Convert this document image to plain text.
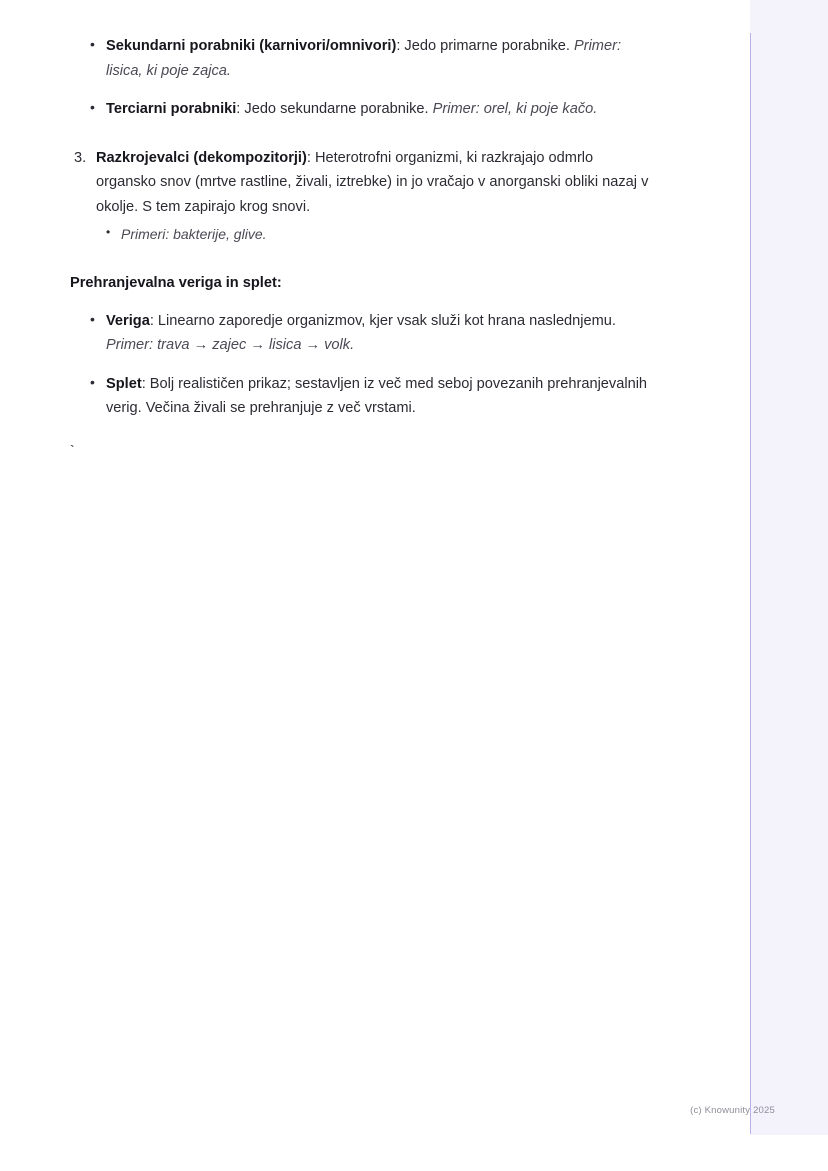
• Sekundarni porabniki (karnivori/omnivori): Jedo primarne porabnike. Primer: lisica, ki poje zajca.
• Terciarni porabniki: Jedo sekundarne porabnike. Primer: orel, ki poje kačo.
3. Razkrojevalci (dekompozitorji): Heterotrofni organizmi, ki razkrajajo odmrlo organsko snov (mrtve rastline, živali, iztrebke) in jo vračajo v anorganski obliki nazaj v okolje. S tem zapirajo krog snovi.
• Primeri: bakterije, glive.
Prehranjevalna veriga in splet:
• Veriga: Linearno zaporedje organizmov, kjer vsak služi kot hrana naslednjemu. Primer: trava → zajec → lisica → volk.
• Splet: Bolj realističen prikaz; sestavljen iz več med seboj povezanih prehranjevalnih verig. Večina živali se prehranjuje z več vrstami.
`
(c) Knowunity 2025
